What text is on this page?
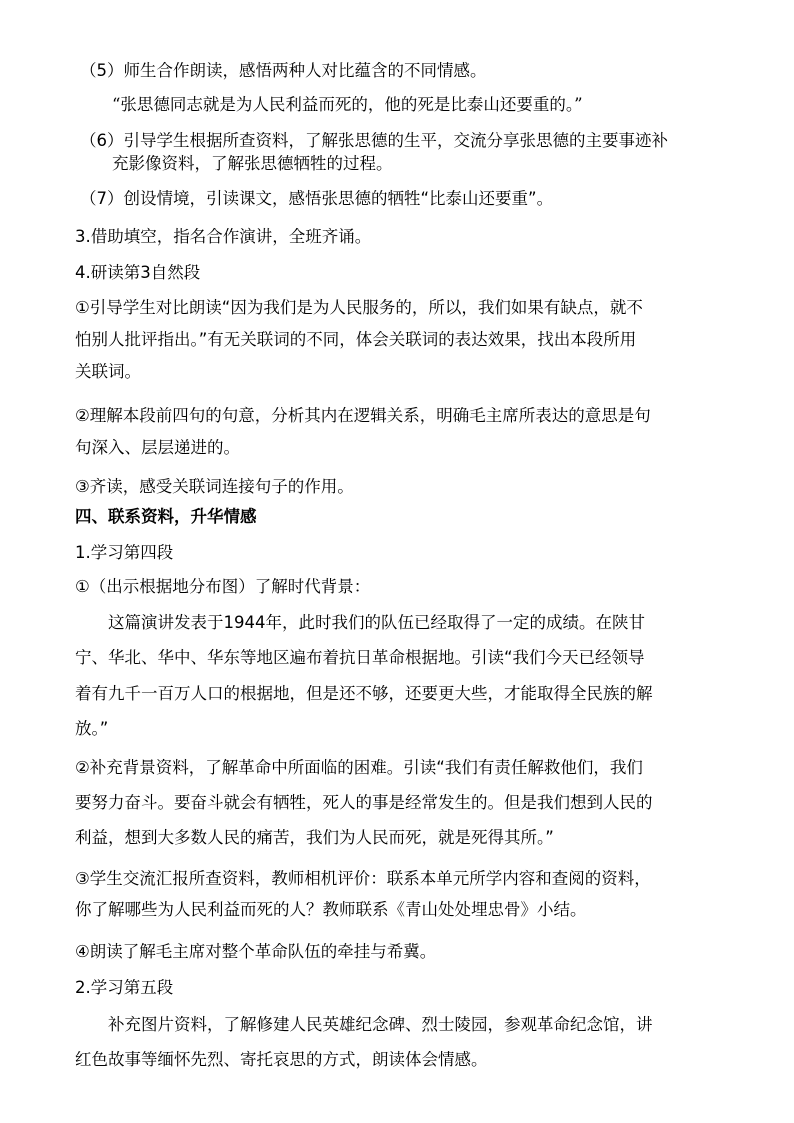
（5）师生合作朗读，感悟两种人对比蕴含的不同情感。
“张思德同志就是为人民利益而死的，他的死是比泰山还要重的。”
（6）引导学生根据所查资料，了解张思德的生平，交流分享张思德的主要事迹补
充影像资料，了解张思德牺牲的过程。
（7）创设情境，引读课文，感悟张思德的牺牲“比泰山还要重”。
3.借助填空，指名合作演讲，全班齐诵。
4.研读第3自然段
①引导学生对比朗读“因为我们是为人民服务的，所以，我们如果有缺点，就不
怕别人批评指出。”有无关联词的不同，体会关联词的表达效果，找出本段所用
关联词。
②理解本段前四句的句意，分析其内在逻辑关系，明确毛主席所表达的意思是句
句深入、层层递进的。
③齐读，感受关联词连接句子的作用。
四、联系资料，升华情感
1.学习第四段
①（出示根据地分布图）了解时代背景：
这篇演讲发表于1944年，此时我们的队伍已经取得了一定的成绩。在陕甘
宁、华北、华中、华东等地区遍布着抗日革命根据地。引读“我们今天已经领导
着有九千一百万人口的根据地，但是还不够，还要更大些，才能取得全民族的解
放。”
②补充背景资料，了解革命中所面临的困难。引读“我们有责任解救他们，我们
要努力奋斗。要奋斗就会有牺牲，死人的事是经常发生的。但是我们想到人民的
利益，想到大多数人民的痛苦，我们为人民而死，就是死得其所。”
③学生交流汇报所查资料，教师相机评价：联系本单元所学内容和查阅的资料，
你了解哪些为人民利益而死的人？教师联系《青山处处埋忠骨》小结。
④朗读了解毛主席对整个革命队伍的牵挂与希冀。
2.学习第五段
补充图片资料，了解修建人民英雄纪念碑、烈士陵园，参观革命纪念馆，讲
红色故事等缅怀先烈、寄托哀思的方式，朗读体会情感。
